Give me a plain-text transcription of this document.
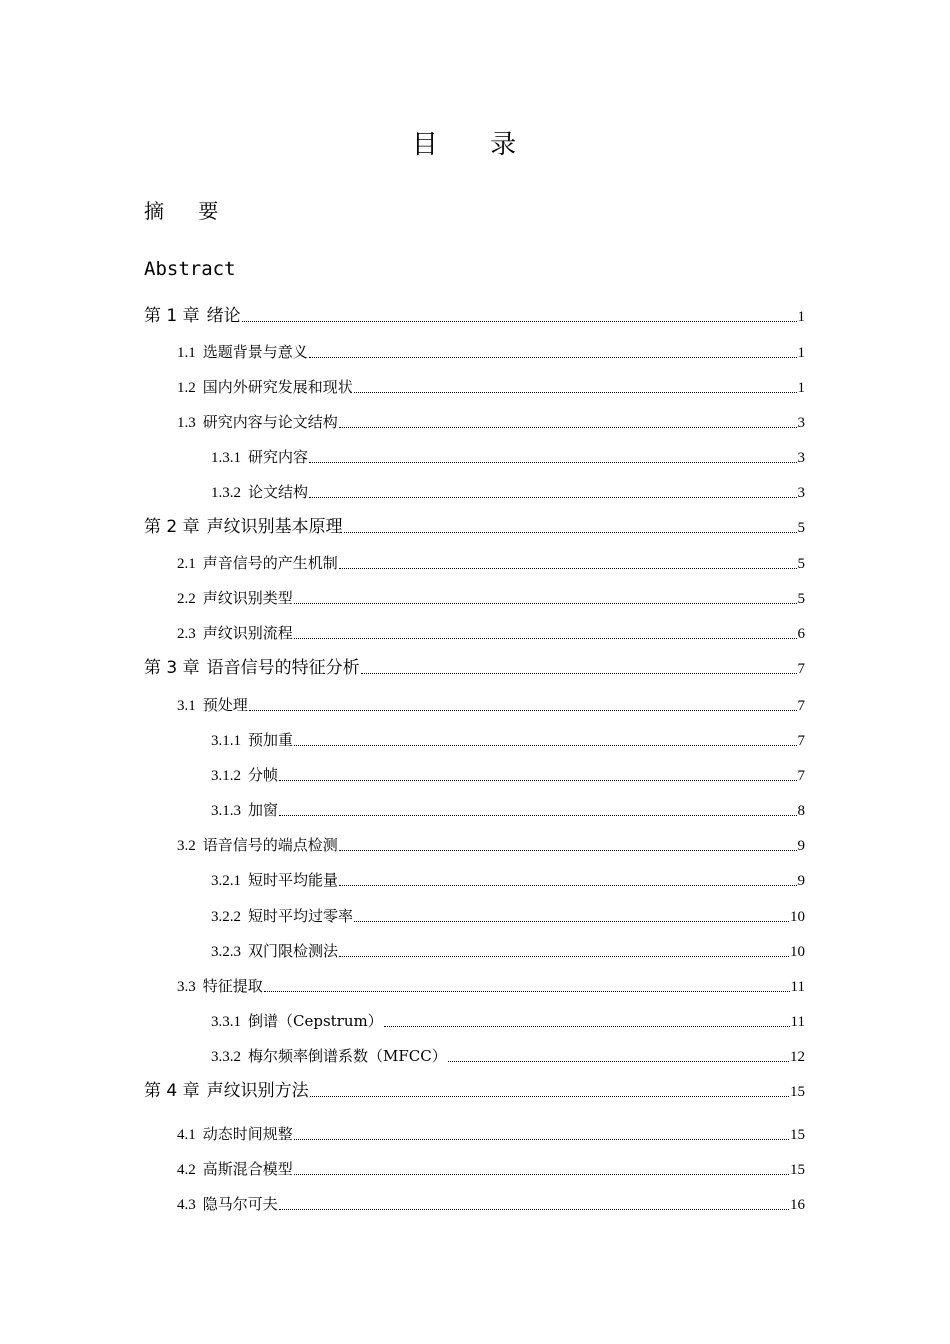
目 录
摘 要
Abstract
第 1 章 绪论	1
1.1 选题背景与意义	1
1.2 国内外研究发展和现状	1
1.3 研究内容与论文结构	3
1.3.1 研究内容	3
1.3.2 论文结构	3
第 2 章 声纹识别基本原理	5
2.1 声音信号的产生机制	5
2.2 声纹识别类型	5
2.3 声纹识别流程	6
第 3 章 语音信号的特征分析	7
3.1 预处理	7
3.1.1 预加重	7
3.1.2 分帧	7
3.1.3 加窗	8
3.2 语音信号的端点检测	9
3.2.1 短时平均能量	9
3.2.2 短时平均过零率	10
3.2.3 双门限检测法	10
3.3 特征提取	11
3.3.1 倒谱（Cepstrum）	11
3.3.2 梅尔频率倒谱系数（MFCC）	12
第 4 章 声纹识别方法	15
4.1 动态时间规整	15
4.2 高斯混合模型	15
4.3 隐马尔可夫	16
